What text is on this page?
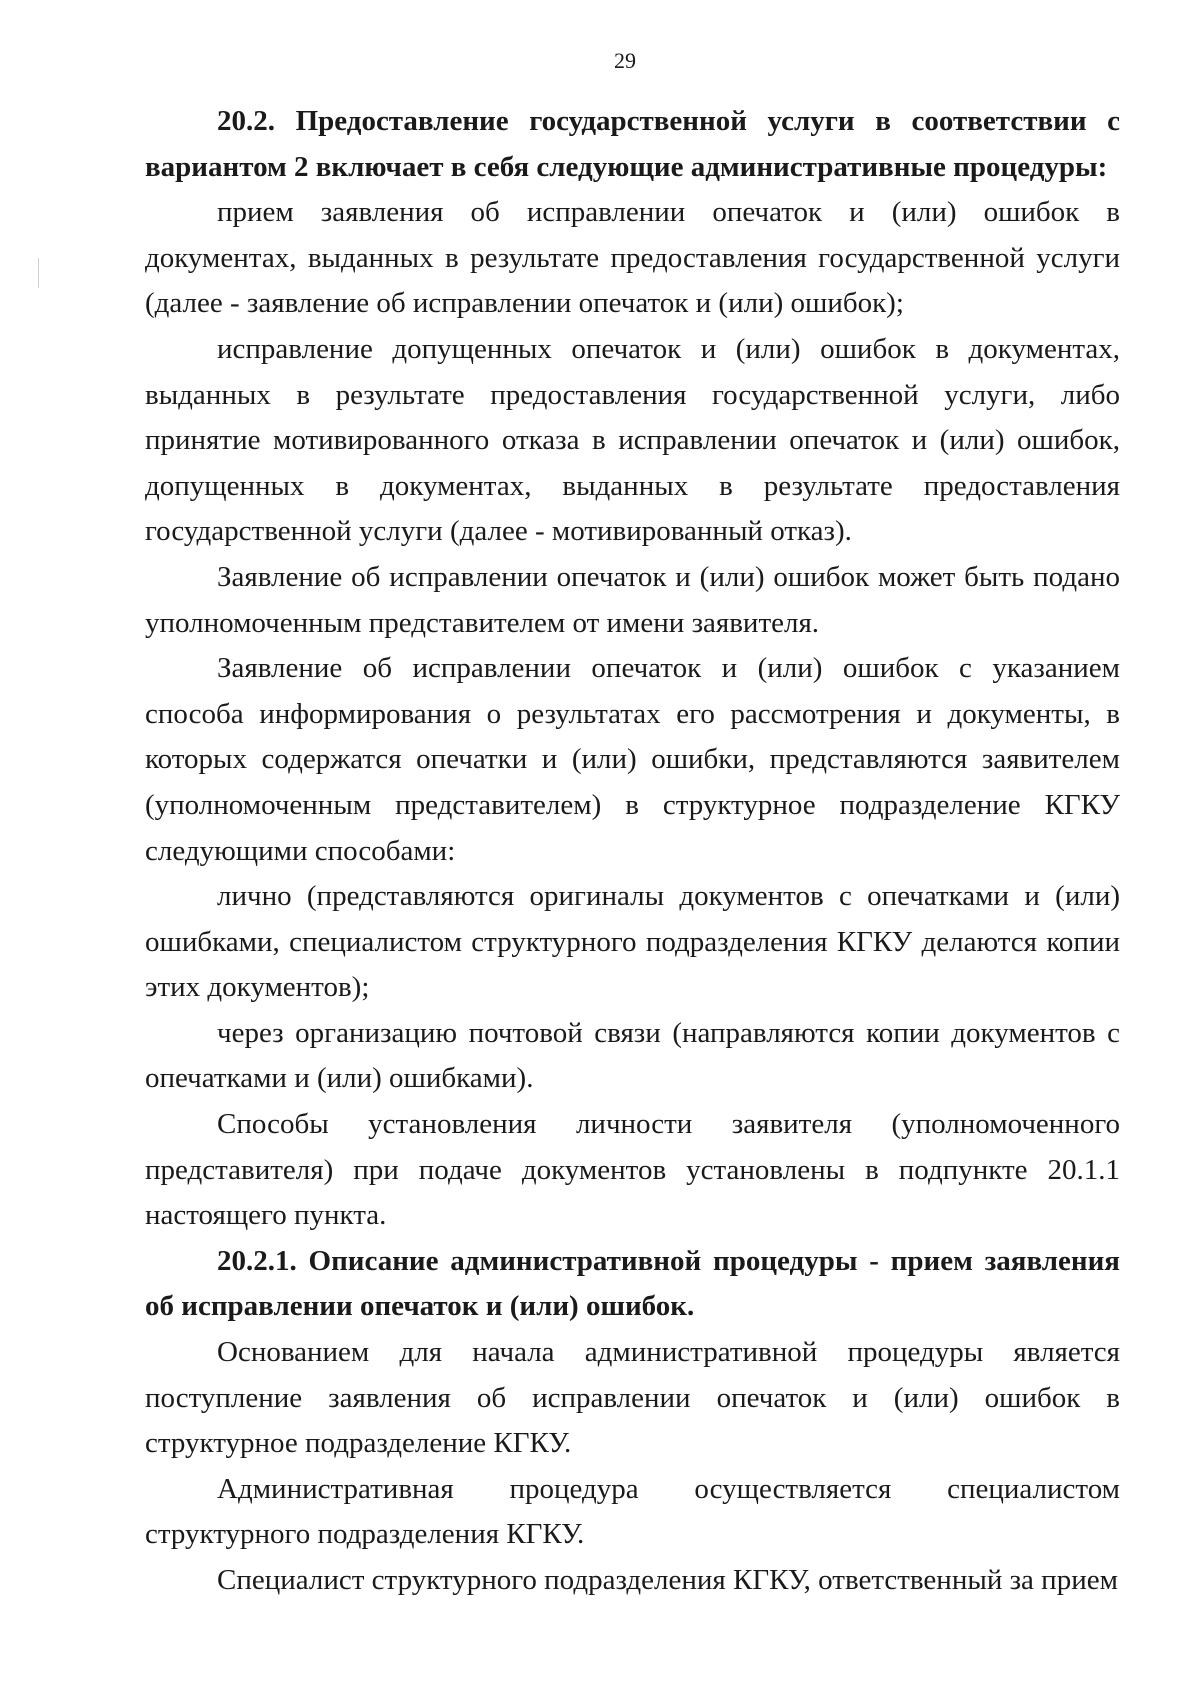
29

20.2. Предоставление государственной услуги в соответствии с вариантом 2 включает в себя следующие административные процедуры:

прием заявления об исправлении опечаток и (или) ошибок в документах, выданных в результате предоставления государственной услуги (далее - заявление об исправлении опечаток и (или) ошибок);

исправление допущенных опечаток и (или) ошибок в документах, выданных в результате предоставления государственной услуги, либо принятие мотивированного отказа в исправлении опечаток и (или) ошибок, допущенных в документах, выданных в результате предоставления государственной услуги (далее - мотивированный отказ).

Заявление об исправлении опечаток и (или) ошибок может быть подано уполномоченным представителем от имени заявителя.

Заявление об исправлении опечаток и (или) ошибок с указанием способа информирования о результатах его рассмотрения и документы, в которых содержатся опечатки и (или) ошибки, представляются заявителем (уполномоченным представителем) в структурное подразделение КГКУ следующими способами:

лично (представляются оригиналы документов с опечатками и (или) ошибками, специалистом структурного подразделения КГКУ делаются копии этих документов);

через организацию почтовой связи (направляются копии документов с опечатками и (или) ошибками).

Способы установления личности заявителя (уполномоченного представителя) при подаче документов установлены в подпункте 20.1.1 настоящего пункта.

20.2.1. Описание административной процедуры - прием заявления об исправлении опечаток и (или) ошибок.

Основанием для начала административной процедуры является поступление заявления об исправлении опечаток и (или) ошибок в структурное подразделение КГКУ.

Административная процедура осуществляется специалистом структурного подразделения КГКУ.

Специалист структурного подразделения КГКУ, ответственный за прием
